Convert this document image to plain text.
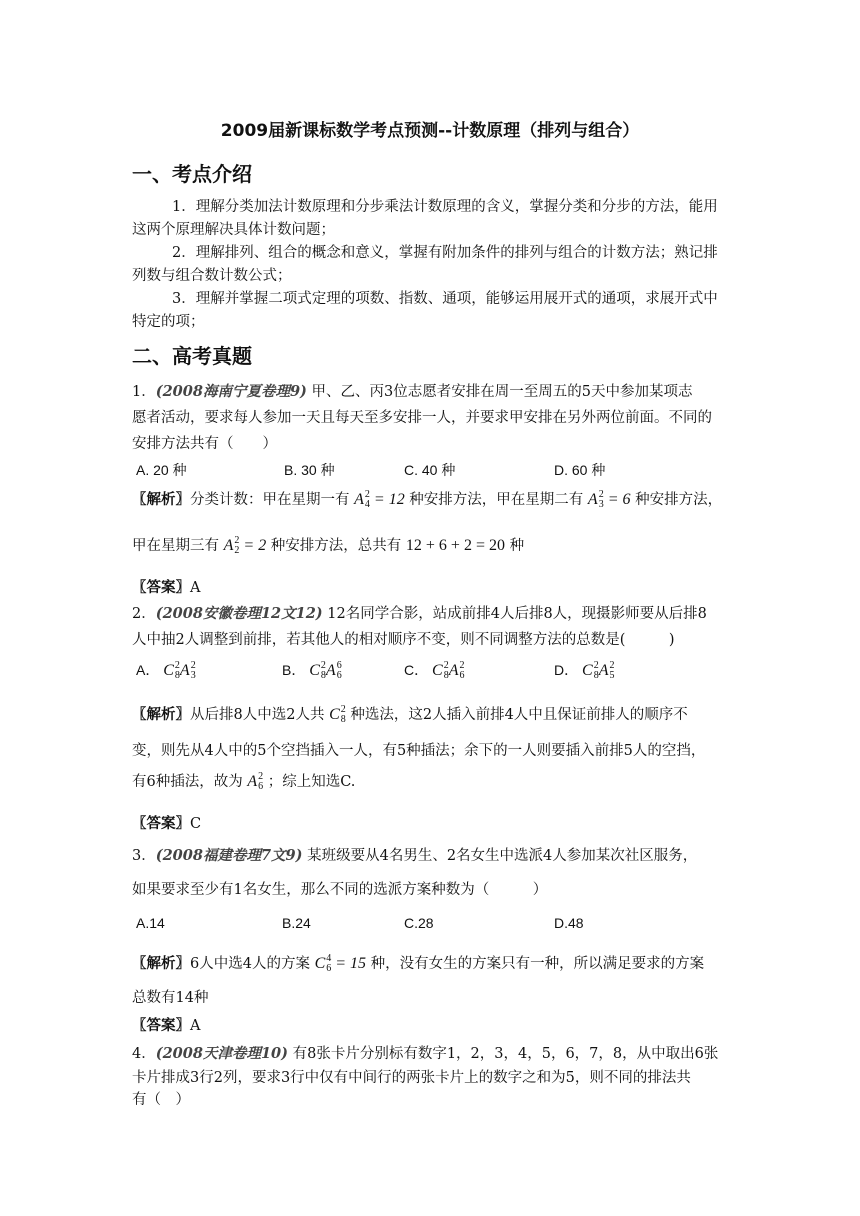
2009届新课标数学考点预测--计数原理（排列与组合）
一、考点介绍
1．理解分类加法计数原理和分步乘法计数原理的含义，掌握分类和分步的方法，能用
这两个原理解决具体计数问题；
2．理解排列、组合的概念和意义，掌握有附加条件的排列与组合的计数方法；熟记排
列数与组合数计数公式；
3．理解并掌握二项式定理的项数、指数、通项，能够运用展开式的通项，求展开式中
特定的项；
二、高考真题
1．(2008海南宁夏卷理9) 甲、乙、丙3位志愿者安排在周一至周五的5天中参加某项志
愿者活动，要求每人参加一天且每天至多安排一人，并要求甲安排在另外两位前面。不同的
安排方法共有（　　）
A. 20 种	B. 30 种	C. 40 种	D. 60 种
〖解析〗分类计数：甲在星期一有 A 2
4 = 12 种安排方法，甲在星期二有 A 2
3 = 6 种安排方法，
甲在星期三有 A 2
2 = 2 种安排方法，总共有 12 + 6 + 2 = 20 种
〖答案〗A
2．(2008安徽卷理12文12) 12名同学合影，站成前排4人后排8人，现摄影师要从后排8
人中抽2人调整到前排，若其他人的相对顺序不变，则不同调整方法的总数是(　　　)
A． C 2
8 A 2
3	B． C 2
8 A 6
6	C． C 2
8 A 2
6	D． C 2
8 A 2
5
〖解析〗从后排8人中选2人共 C 2
8 种选法，这2人插入前排4人中且保证前排人的顺序不
变，则先从4人中的5个空挡插入一人，有5种插法；余下的一人则要插入前排5人的空挡，
有6种插法，故为 A 2
6 ；综上知选C.
〖答案〗C
3．(2008福建卷理7文9) 某班级要从4名男生、2名女生中选派4人参加某次社区服务，
如果要求至少有1名女生，那么不同的选派方案种数为（　　　）
A.14	B.24	C.28	D.48
〖解析〗6人中选4人的方案 C 4
6 = 15 种，没有女生的方案只有一种，所以满足要求的方案
总数有14种
〖答案〗A
4．(2008天津卷理10) 有8张卡片分别标有数字1，2，3，4，5，6，7，8，从中取出6张
卡片排成3行2列，要求3行中仅有中间行的两张卡片上的数字之和为5，则不同的排法共
有（　）
